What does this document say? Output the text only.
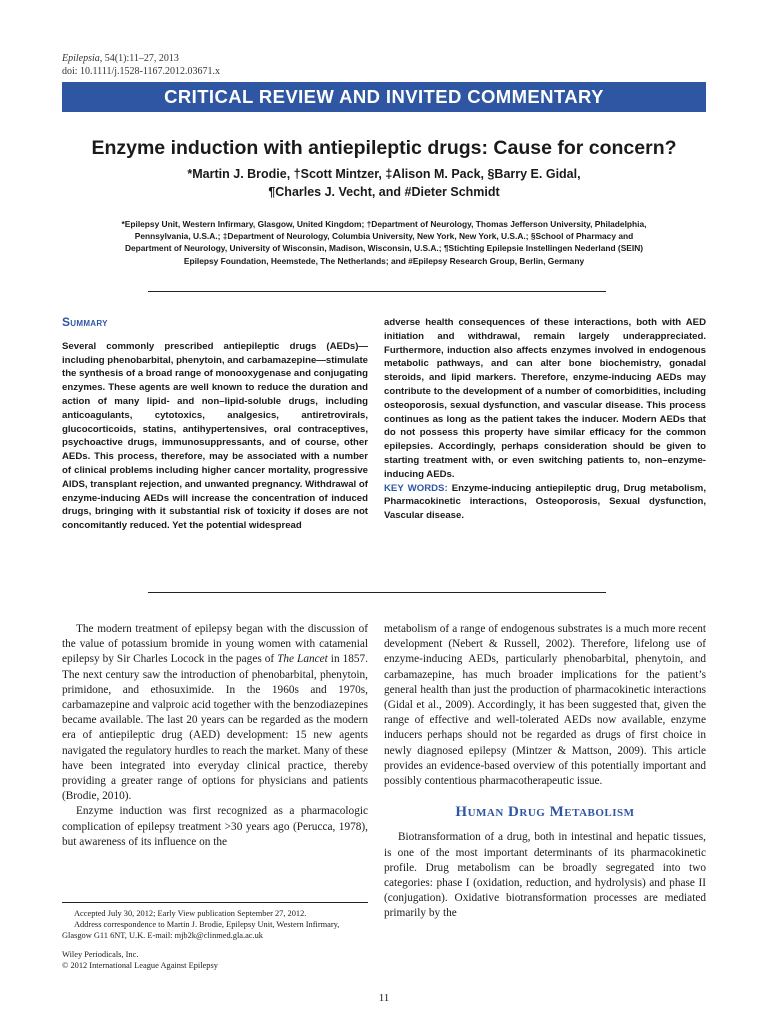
Epilepsia, 54(1):11–27, 2013
doi: 10.1111/j.1528-1167.2012.03671.x
CRITICAL REVIEW AND INVITED COMMENTARY
Enzyme induction with antiepileptic drugs: Cause for concern?
*Martin J. Brodie, †Scott Mintzer, ‡Alison M. Pack, §Barry E. Gidal,
¶Charles J. Vecht, and #Dieter Schmidt
*Epilepsy Unit, Western Infirmary, Glasgow, United Kingdom; †Department of Neurology, Thomas Jefferson University, Philadelphia,
Pennsylvania, U.S.A.; ‡Department of Neurology, Columbia University, New York, New York, U.S.A.; §School of Pharmacy and
Department of Neurology, University of Wisconsin, Madison, Wisconsin, U.S.A.; ¶Stichting Epilepsie Instellingen Nederland (SEIN)
Epilepsy Foundation, Heemstede, The Netherlands; and #Epilepsy Research Group, Berlin, Germany
Summary
Several commonly prescribed antiepileptic drugs (AEDs)—including phenobarbital, phenytoin, and carbamazepine—stimulate the synthesis of a broad range of monooxygenase and conjugating enzymes. These agents are well known to reduce the duration and action of many lipid- and non–lipid-soluble drugs, including anticoagulants, cytotoxics, analgesics, antiretrovirals, glucocorticoids, statins, antihypertensives, oral contraceptives, psychoactive drugs, immunosuppressants, and of course, other AEDs. This process, therefore, may be associated with a number of clinical problems including higher cancer mortality, progressive AIDS, transplant rejection, and unwanted pregnancy. Withdrawal of enzyme-inducing AEDs will increase the concentration of induced drugs, bringing with it substantial risk of toxicity if doses are not concomitantly reduced. Yet the potential widespread
adverse health consequences of these interactions, both with AED initiation and withdrawal, remain largely underappreciated. Furthermore, induction also affects enzymes involved in endogenous metabolic pathways, and can alter bone biochemistry, gonadal steroids, and lipid markers. Therefore, enzyme-inducing AEDs may contribute to the development of a number of comorbidities, including osteoporosis, sexual dysfunction, and vascular disease. This process continues as long as the patient takes the inducer. Modern AEDs that do not possess this property have similar efficacy for the common epilepsies. Accordingly, perhaps consideration should be given to starting treatment with, or even switching patients to, non–enzyme-inducing AEDs.
KEY WORDS: Enzyme-inducing antiepileptic drug, Drug metabolism, Pharmacokinetic interactions, Osteoporosis, Sexual dysfunction, Vascular disease.

The modern treatment of epilepsy began with the discussion of the value of potassium bromide in young women with catamenial epilepsy by Sir Charles Locock in the pages of The Lancet in 1857. The next century saw the introduction of phenobarbital, phenytoin, primidone, and ethosuximide. In the 1960s and 1970s, carbamazepine and valproic acid together with the benzodiazepines became available. The last 20 years can be regarded as the modern era of antiepileptic drug (AED) development: 15 new agents navigated the regulatory hurdles to reach the market. Many of these have been integrated into everyday clinical practice, thereby providing a greater range of options for physicians and patients (Brodie, 2010).

Enzyme induction was first recognized as a pharmacologic complication of epilepsy treatment >30 years ago (Perucca, 1978), but awareness of its influence on the

metabolism of a range of endogenous substrates is a much more recent development (Nebert & Russell, 2002). Therefore, lifelong use of enzyme-inducing AEDs, particularly phenobarbital, phenytoin, and carbamazepine, has much broader implications for the patient’s general health than just the production of pharmacokinetic interactions (Gidal et al., 2009). Accordingly, it has been suggested that, given the range of effective and well-tolerated AEDs now available, enzyme inducers perhaps should not be regarded as drugs of first choice in newly diagnosed epilepsy (Mintzer & Mattson, 2009). This article provides an evidence-based overview of this potentially important and possibly contentious pharmacotherapeutic issue.

Human Drug Metabolism

Biotransformation of a drug, both in intestinal and hepatic tissues, is one of the most important determinants of its pharmacokinetic profile. Drug metabolism can be broadly segregated into two categories: phase I (oxidation, reduction, and hydrolysis) and phase II (conjugation). Oxidative biotransformation processes are mediated primarily by the

Accepted July 30, 2012; Early View publication September 27, 2012.

Address correspondence to Martin J. Brodie, Epilepsy Unit, Western Infirmary, Glasgow G11 6NT, U.K. E-mail: mjb2k@clinmed.gla.ac.uk

Wiley Periodicals, Inc.

© 2012 International League Against Epilepsy

11
